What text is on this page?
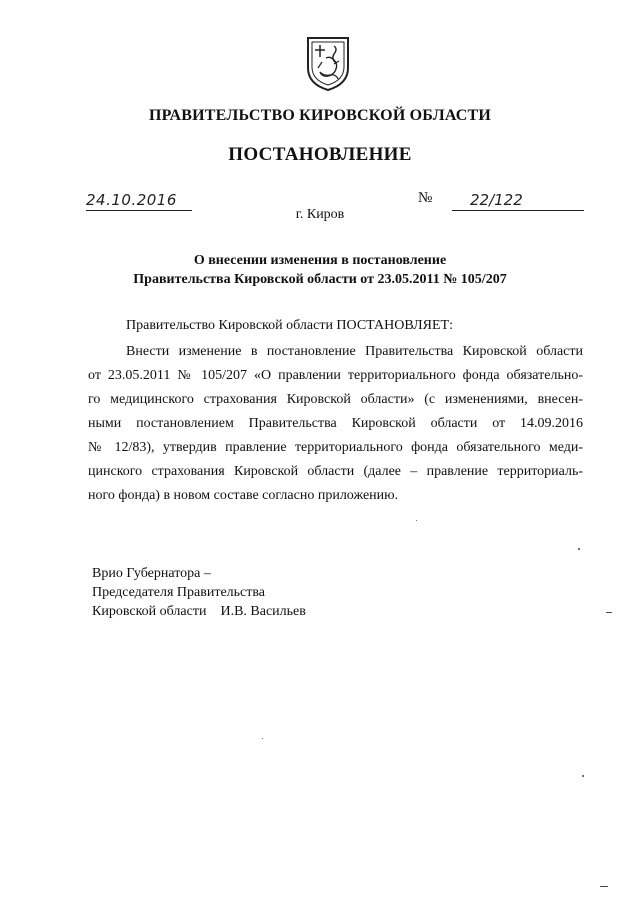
ПРАВИТЕЛЬСТВО КИРОВСКОЙ ОБЛАСТИ
ПОСТАНОВЛЕНИЕ
24.10.2016	№	22/122
г. Киров
О внесении изменения в постановление
Правительства Кировской области от 23.05.2011 № 105/207
Правительство Кировской области ПОСТАНОВЛЯЕТ:
Внести изменение в постановление Правительства Кировской области
от 23.05.2011 № 105/207 «О правлении территориального фонда обязательно-
го медицинского страхования Кировской области» (с изменениями, внесен-
ными постановлением Правительства Кировской области от 14.09.2016
№ 12/83), утвердив правление территориального фонда обязательного меди-
цинского страхования Кировской области (далее – правление территориаль-
ного фонда) в новом составе согласно приложению.
Врио Губернатора –
Председателя Правительства
Кировской области И.В. Васильев
